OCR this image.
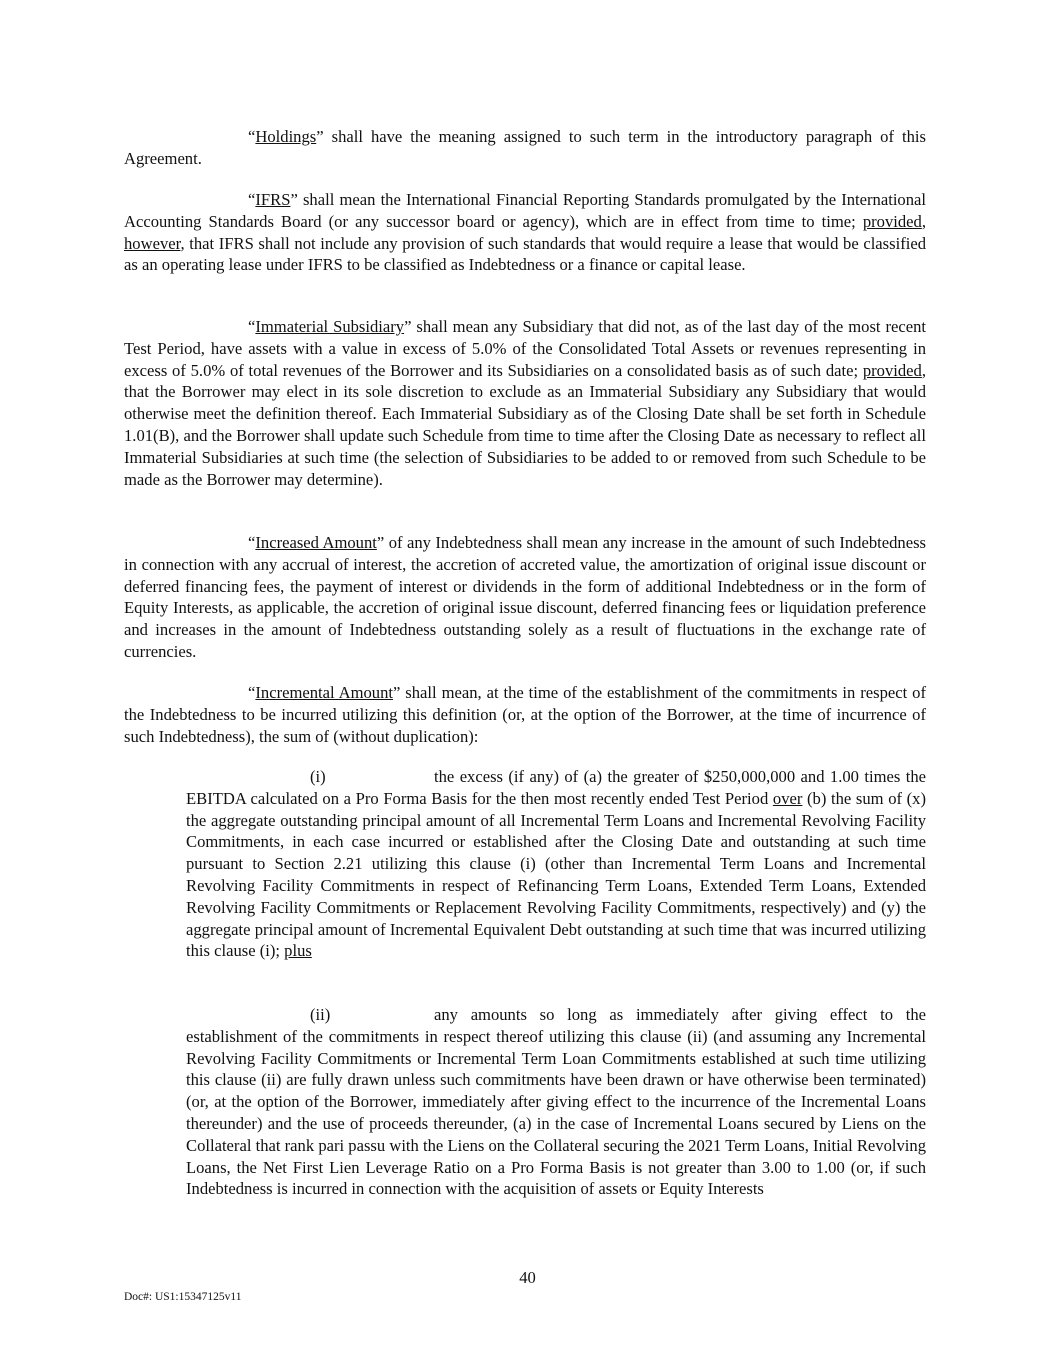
“Holdings” shall have the meaning assigned to such term in the introductory paragraph of this Agreement.

“IFRS” shall mean the International Financial Reporting Standards promulgated by the International Accounting Standards Board (or any successor board or agency), which are in effect from time to time; provided, however, that IFRS shall not include any provision of such standards that would require a lease that would be classified as an operating lease under IFRS to be classified as Indebtedness or a finance or capital lease.

“Immaterial Subsidiary” shall mean any Subsidiary that did not, as of the last day of the most recent Test Period, have assets with a value in excess of 5.0% of the Consolidated Total Assets or revenues representing in excess of 5.0% of total revenues of the Borrower and its Subsidiaries on a consolidated basis as of such date; provided, that the Borrower may elect in its sole discretion to exclude as an Immaterial Subsidiary any Subsidiary that would otherwise meet the definition thereof. Each Immaterial Subsidiary as of the Closing Date shall be set forth in Schedule 1.01(B), and the Borrower shall update such Schedule from time to time after the Closing Date as necessary to reflect all Immaterial Subsidiaries at such time (the selection of Subsidiaries to be added to or removed from such Schedule to be made as the Borrower may determine).

“Increased Amount” of any Indebtedness shall mean any increase in the amount of such Indebtedness in connection with any accrual of interest, the accretion of accreted value, the amortization of original issue discount or deferred financing fees, the payment of interest or dividends in the form of additional Indebtedness or in the form of Equity Interests, as applicable, the accretion of original issue discount, deferred financing fees or liquidation preference and increases in the amount of Indebtedness outstanding solely as a result of fluctuations in the exchange rate of currencies.

“Incremental Amount” shall mean, at the time of the establishment of the commitments in respect of the Indebtedness to be incurred utilizing this definition (or, at the option of the Borrower, at the time of incurrence of such Indebtedness), the sum of (without duplication):

(i)	the excess (if any) of (a) the greater of $250,000,000 and 1.00 times the EBITDA calculated on a Pro Forma Basis for the then most recently ended Test Period over (b) the sum of (x) the aggregate outstanding principal amount of all Incremental Term Loans and Incremental Revolving Facility Commitments, in each case incurred or established after the Closing Date and outstanding at such time pursuant to Section 2.21 utilizing this clause (i) (other than Incremental Term Loans and Incremental Revolving Facility Commitments in respect of Refinancing Term Loans, Extended Term Loans, Extended Revolving Facility Commitments or Replacement Revolving Facility Commitments, respectively) and (y) the aggregate principal amount of Incremental Equivalent Debt outstanding at such time that was incurred utilizing this clause (i); plus

(ii)	any amounts so long as immediately after giving effect to the establishment of the commitments in respect thereof utilizing this clause (ii) (and assuming any Incremental Revolving Facility Commitments or Incremental Term Loan Commitments established at such time utilizing this clause (ii) are fully drawn unless such commitments have been drawn or have otherwise been terminated) (or, at the option of the Borrower, immediately after giving effect to the incurrence of the Incremental Loans thereunder) and the use of proceeds thereunder, (a) in the case of Incremental Loans secured by Liens on the Collateral that rank pari passu with the Liens on the Collateral securing the 2021 Term Loans, Initial Revolving Loans, the Net First Lien Leverage Ratio on a Pro Forma Basis is not greater than 3.00 to 1.00 (or, if such Indebtedness is incurred in connection with the acquisition of assets or Equity Interests

40
Doc#: US1:15347125v11
